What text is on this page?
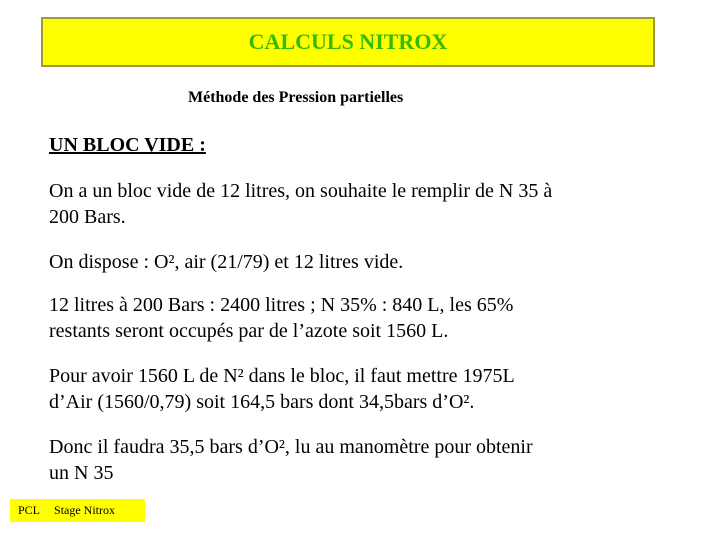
CALCULS NITROX
Méthode des Pression partielles

UN BLOC VIDE :

On a un bloc vide de 12 litres, on souhaite le remplir de N 35 à
200 Bars.
On dispose : O², air (21/79) et 12 litres vide.
12 litres à 200 Bars : 2400 litres ; N 35% : 840 L, les 65%
restants seront occupés par de l’azote soit 1560 L.
Pour avoir 1560 L de N² dans le bloc, il faut mettre 1975L
d’Air (1560/0,79) soit 164,5 bars dont 34,5bars d’O².
Donc il faudra 35,5 bars d’O², lu au manomètre pour obtenir
un N 35
PCL Stage Nitrox
